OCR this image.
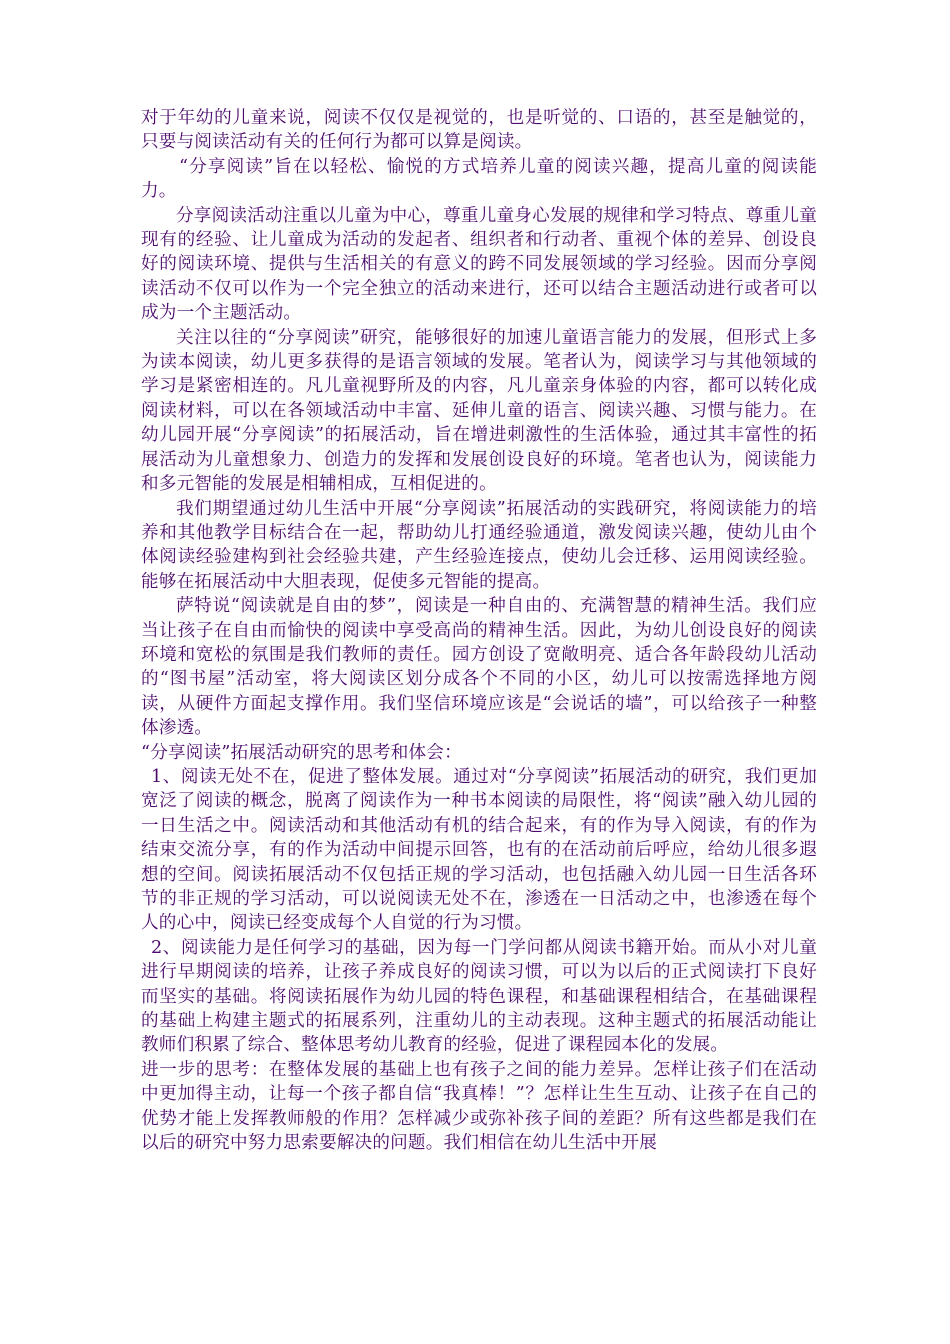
对于年幼的儿童来说，阅读不仅仅是视觉的，也是听觉的、口语的，甚至是触觉的，只要与阅读活动有关的任何行为都可以算是阅读。

“分享阅读”旨在以轻松、愉悦的方式培养儿童的阅读兴趣，提高儿童的阅读能力。

分享阅读活动注重以儿童为中心，尊重儿童身心发展的规律和学习特点、尊重儿童现有的经验、让儿童成为活动的发起者、组织者和行动者、重视个体的差异、创设良好的阅读环境、提供与生活相关的有意义的跨不同发展领域的学习经验。因而分享阅读活动不仅可以作为一个完全独立的活动来进行，还可以结合主题活动进行或者可以成为一个主题活动。

关注以往的“分享阅读”研究，能够很好的加速儿童语言能力的发展，但形式上多为读本阅读，幼儿更多获得的是语言领域的发展。笔者认为，阅读学习与其他领域的学习是紧密相连的。凡儿童视野所及的内容，凡儿童亲身体验的内容，都可以转化成阅读材料，可以在各领域活动中丰富、延伸儿童的语言、阅读兴趣、习惯与能力。在幼儿园开展“分享阅读”的拓展活动，旨在增进刺激性的生活体验，通过其丰富性的拓展活动为儿童想象力、创造力的发挥和发展创设良好的环境。笔者也认为，阅读能力和多元智能的发展是相辅相成，互相促进的。

我们期望通过幼儿生活中开展“分享阅读”拓展活动的实践研究，将阅读能力的培养和其他教学目标结合在一起，帮助幼儿打通经验通道，激发阅读兴趣，使幼儿由个体阅读经验建构到社会经验共建，产生经验连接点，使幼儿会迁移、运用阅读经验。能够在拓展活动中大胆表现，促使多元智能的提高。

萨特说“阅读就是自由的梦”，阅读是一种自由的、充满智慧的精神生活。我们应当让孩子在自由而愉快的阅读中享受高尚的精神生活。因此，为幼儿创设良好的阅读环境和宽松的氛围是我们教师的责任。园方创设了宽敞明亮、适合各年龄段幼儿活动的“图书屋”活动室，将大阅读区划分成各个不同的小区，幼儿可以按需选择地方阅读，从硬件方面起支撑作用。我们坚信环境应该是“会说话的墙”，可以给孩子一种整体渗透。

“分享阅读”拓展活动研究的思考和体会：

1、阅读无处不在，促进了整体发展。通过对“分享阅读”拓展活动的研究，我们更加宽泛了阅读的概念，脱离了阅读作为一种书本阅读的局限性，将“阅读”融入幼儿园的一日生活之中。阅读活动和其他活动有机的结合起来，有的作为导入阅读，有的作为结束交流分享，有的作为活动中间提示回答，也有的在活动前后呼应，给幼儿很多遐想的空间。阅读拓展活动不仅包括正规的学习活动，也包括融入幼儿园一日生活各环节的非正规的学习活动，可以说阅读无处不在，渗透在一日活动之中，也渗透在每个人的心中，阅读已经变成每个人自觉的行为习惯。

2、阅读能力是任何学习的基础，因为每一门学问都从阅读书籍开始。而从小对儿童进行早期阅读的培养，让孩子养成良好的阅读习惯，可以为以后的正式阅读打下良好而坚实的基础。将阅读拓展作为幼儿园的特色课程，和基础课程相结合，在基础课程的基础上构建主题式的拓展系列，注重幼儿的主动表现。这种主题式的拓展活动能让教师们积累了综合、整体思考幼儿教育的经验，促进了课程园本化的发展。

进一步的思考：在整体发展的基础上也有孩子之间的能力差异。怎样让孩子们在活动中更加得主动，让每一个孩子都自信“我真棒！”？怎样让生生互动、让孩子在自己的优势才能上发挥教师般的作用？怎样减少或弥补孩子间的差距？所有这些都是我们在以后的研究中努力思索要解决的问题。我们相信在幼儿生活中开展
